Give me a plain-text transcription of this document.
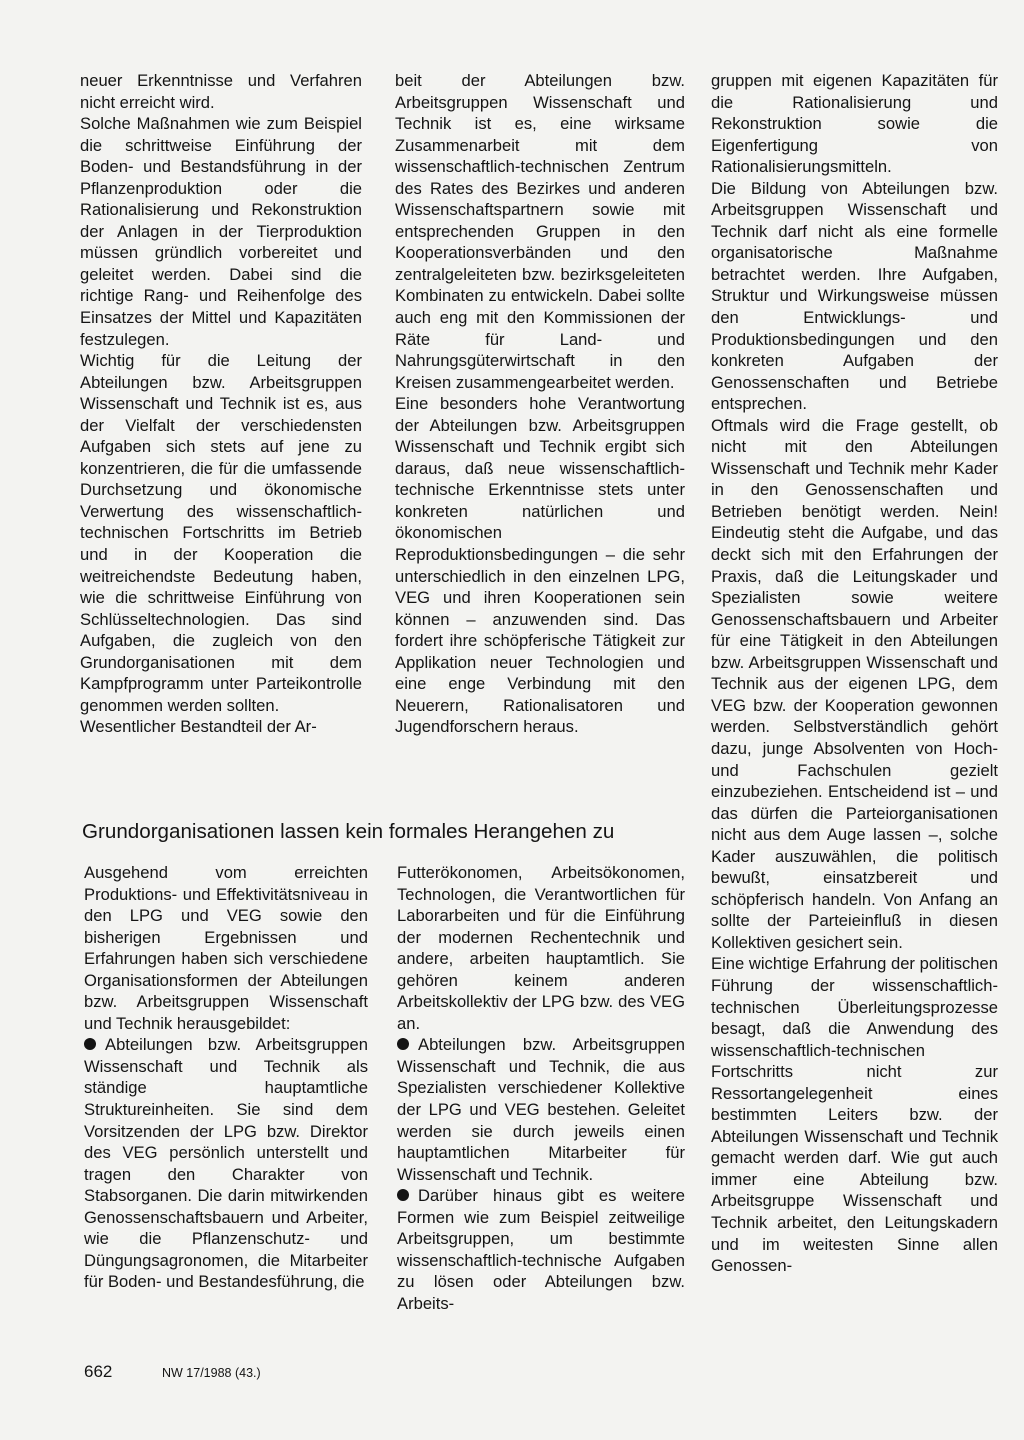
neuer Erkenntnisse und Verfahren nicht erreicht wird.

Solche Maßnahmen wie zum Beispiel die schrittweise Einführung der Boden- und Bestandsführung in der Pflanzenproduktion oder die Rationalisierung und Rekonstruktion der Anlagen in der Tierproduktion müssen gründlich vorbereitet und geleitet werden. Dabei sind die richtige Rang- und Reihenfolge des Einsatzes der Mittel und Kapazitäten festzulegen.

Wichtig für die Leitung der Abteilungen bzw. Arbeitsgruppen Wissenschaft und Technik ist es, aus der Vielfalt der verschiedensten Aufgaben sich stets auf jene zu konzentrieren, die für die umfassende Durchsetzung und ökonomische Verwertung des wissenschaftlich-technischen Fortschritts im Betrieb und in der Kooperation die weitreichendste Bedeutung haben, wie die schrittweise Einführung von Schlüsseltechnologien. Das sind Aufgaben, die zugleich von den Grundorganisationen mit dem Kampfprogramm unter Parteikontrolle genommen werden sollten.

Wesentlicher Bestandteil der Ar-

beit der Abteilungen bzw. Arbeitsgruppen Wissenschaft und Technik ist es, eine wirksame Zusammenarbeit mit dem wissenschaftlich-technischen Zentrum des Rates des Bezirkes und anderen Wissenschaftspartnern sowie mit entsprechenden Gruppen in den Kooperationsverbänden und den zentralgeleiteten bzw. bezirksgeleiteten Kombinaten zu entwickeln. Dabei sollte auch eng mit den Kommissionen der Räte für Land- und Nahrungsgüterwirtschaft in den Kreisen zusammengearbeitet werden.

Eine besonders hohe Verantwortung der Abteilungen bzw. Arbeitsgruppen Wissenschaft und Technik ergibt sich daraus, daß neue wissenschaftlich-technische Erkenntnisse stets unter konkreten natürlichen und ökonomischen Reproduktionsbedingungen – die sehr unterschiedlich in den einzelnen LPG, VEG und ihren Kooperationen sein können – anzuwenden sind. Das fordert ihre schöpferische Tätigkeit zur Applikation neuer Technologien und eine enge Verbindung mit den Neuerern, Rationalisatoren und Jugendforschern heraus.

Grundorganisationen lassen kein formales Herangehen zu

Ausgehend vom erreichten Produktions- und Effektivitätsniveau in den LPG und VEG sowie den bisherigen Ergebnissen und Erfahrungen haben sich verschiedene Organisationsformen der Abteilungen bzw. Arbeitsgruppen Wissenschaft und Technik herausgebildet:

Abteilungen bzw. Arbeitsgruppen Wissenschaft und Technik als ständige hauptamtliche Struktureinheiten. Sie sind dem Vorsitzenden der LPG bzw. Direktor des VEG persönlich unterstellt und tragen den Charakter von Stabsorganen. Die darin mitwirkenden Genossenschaftsbauern und Arbeiter, wie die Pflanzenschutz- und Düngungsagronomen, die Mitarbeiter für Boden- und Bestandesführung, die

Futterökonomen, Arbeitsökonomen, Technologen, die Verantwortlichen für Laborarbeiten und für die Einführung der modernen Rechentechnik und andere, arbeiten hauptamtlich. Sie gehören keinem anderen Arbeitskollektiv der LPG bzw. des VEG an.

Abteilungen bzw. Arbeitsgruppen Wissenschaft und Technik, die aus Spezialisten verschiedener Kollektive der LPG und VEG bestehen. Geleitet werden sie durch jeweils einen hauptamtlichen Mitarbeiter für Wissenschaft und Technik.

Darüber hinaus gibt es weitere Formen wie zum Beispiel zeitweilige Arbeitsgruppen, um bestimmte wissenschaftlich-technische Aufgaben zu lösen oder Abteilungen bzw. Arbeits-

gruppen mit eigenen Kapazitäten für die Rationalisierung und Rekonstruktion sowie die Eigenfertigung von Rationalisierungsmitteln.

Die Bildung von Abteilungen bzw. Arbeitsgruppen Wissenschaft und Technik darf nicht als eine formelle organisatorische Maßnahme betrachtet werden. Ihre Aufgaben, Struktur und Wirkungsweise müssen den Entwicklungs- und Produktionsbedingungen und den konkreten Aufgaben der Genossenschaften und Betriebe entsprechen.

Oftmals wird die Frage gestellt, ob nicht mit den Abteilungen Wissenschaft und Technik mehr Kader in den Genossenschaften und Betrieben benötigt werden. Nein! Eindeutig steht die Aufgabe, und das deckt sich mit den Erfahrungen der Praxis, daß die Leitungskader und Spezialisten sowie weitere Genossenschaftsbauern und Arbeiter für eine Tätigkeit in den Abteilungen bzw. Arbeitsgruppen Wissenschaft und Technik aus der eigenen LPG, dem VEG bzw. der Kooperation gewonnen werden. Selbstverständlich gehört dazu, junge Absolventen von Hoch- und Fachschulen gezielt einzubeziehen. Entscheidend ist – und das dürfen die Parteiorganisationen nicht aus dem Auge lassen –, solche Kader auszuwählen, die politisch bewußt, einsatzbereit und schöpferisch handeln. Von Anfang an sollte der Parteieinfluß in diesen Kollektiven gesichert sein.

Eine wichtige Erfahrung der politischen Führung der wissenschaftlich-technischen Überleitungsprozesse besagt, daß die Anwendung des wissenschaftlich-technischen Fortschritts nicht zur Ressortangelegenheit eines bestimmten Leiters bzw. der Abteilungen Wissenschaft und Technik gemacht werden darf. Wie gut auch immer eine Abteilung bzw. Arbeitsgruppe Wissenschaft und Technik arbeitet, den Leitungskadern und im weitesten Sinne allen Genossen-

662	NW 17/1988 (43.)
